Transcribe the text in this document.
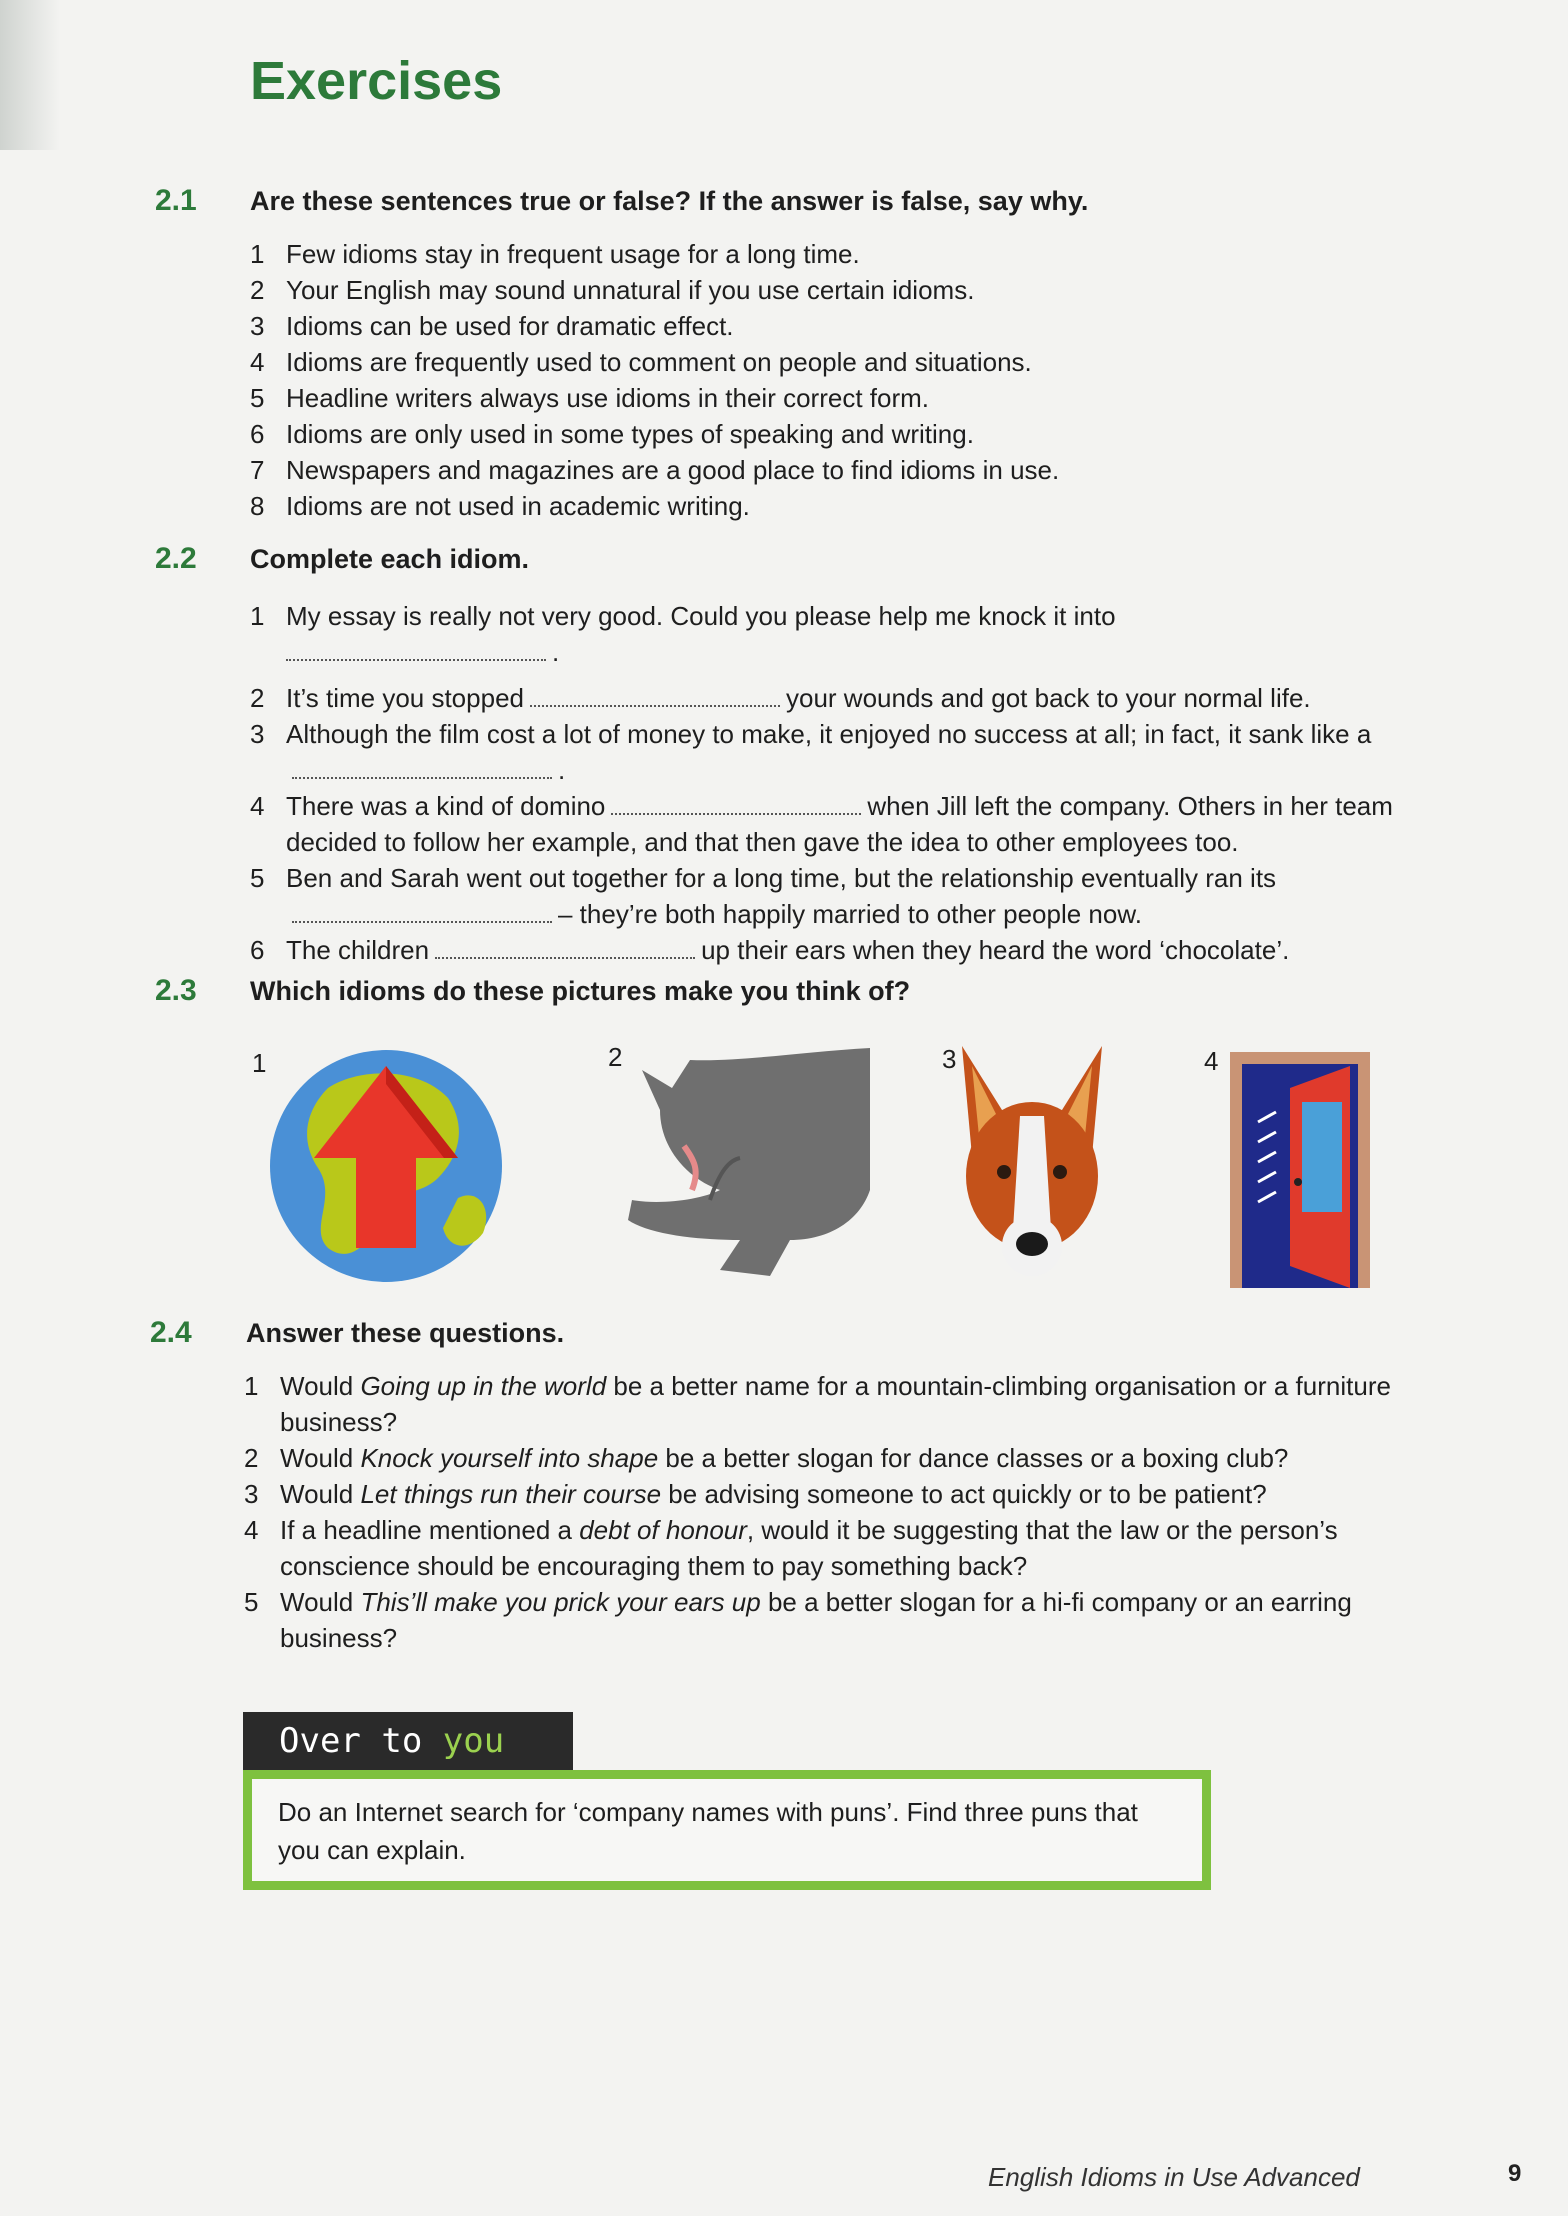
Exercises
2.1 Are these sentences true or false? If the answer is false, say why.
1 Few idioms stay in frequent usage for a long time.
2 Your English may sound unnatural if you use certain idioms.
3 Idioms can be used for dramatic effect.
4 Idioms are frequently used to comment on people and situations.
5 Headline writers always use idioms in their correct form.
6 Idioms are only used in some types of speaking and writing.
7 Newspapers and magazines are a good place to find idioms in use.
8 Idioms are not used in academic writing.
2.2 Complete each idiom.
1 My essay is really not very good. Could you please help me knock it into
.
2 It’s time you stopped	your wounds and got back to your normal life.
3 Although the film cost a lot of money to make, it enjoyed no success at all; in fact, it sank like a.
4 There was a kind of domino	when Jill left the company. Others in her team decided to follow her example, and that then gave the idea to other employees too.
5 Ben and Sarah went out together for a long time, but the relationship eventually ran its– they’re both happily married to other people now.
6 The children	up their ears when they heard the word ‘chocolate’.
2.3 Which idioms do these pictures make you think of?
1	2	3	4
2.4 Answer these questions.
1 Would Going up in the world be a better name for a mountain-climbing organisation or a furniture business?
2 Would Knock yourself into shape be a better slogan for dance classes or a boxing club?
3 Would Let things run their course be advising someone to act quickly or to be patient?
4 If a headline mentioned a debt of honour, would it be suggesting that the law or the person’s conscience should be encouraging them to pay something back?
5 Would This’ll make you prick your ears up be a better slogan for a hi-fi company or an earring business?
Over to you
Do an Internet search for ‘company names with puns’. Find three puns that you can explain.
English Idioms in Use Advanced	9
